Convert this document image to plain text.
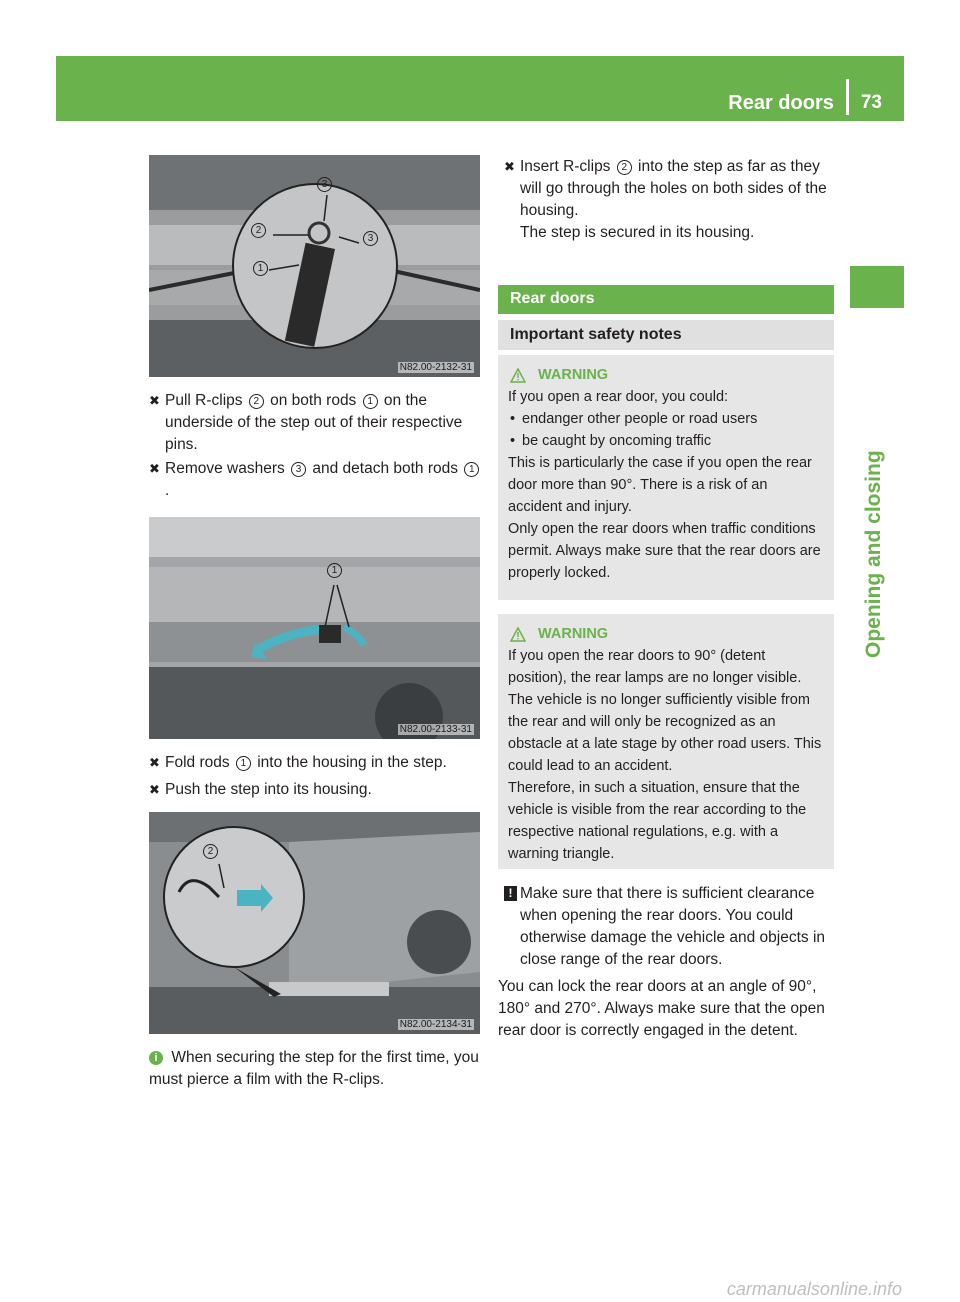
Rear doors 73
Opening and closing
3
2
3
1
N82.00-2132-31
✖ Pull R-clips 2 on both rods 1 on the underside of the step out of their respective pins.
✖ Remove washers 3 and detach both rods 1.
1
N82.00-2133-31
✖ Fold rods 1 into the housing in the step.
✖ Push the step into its housing.
2
N82.00-2134-31
i When securing the step for the first time, you must pierce a film with the R-clips.
✖ Insert R-clips 2 into the step as far as they will go through the holes on both sides of the housing.
The step is secured in its housing.
Rear doors
Important safety notes
WARNING

If you open a rear door, you could:

• endanger other people or road users

• be caught by oncoming traffic

This is particularly the case if you open the rear door more than 90°. There is a risk of an accident and injury.

Only open the rear doors when traffic conditions permit. Always make sure that the rear doors are properly locked.

WARNING

If you open the rear doors to 90° (detent position), the rear lamps are no longer visible.

The vehicle is no longer sufficiently visible from the rear and will only be recognized as an obstacle at a late stage by other road users. This could lead to an accident.

Therefore, in such a situation, ensure that the vehicle is visible from the rear according to the respective national regulations, e.g. with a warning triangle.

! Make sure that there is sufficient clearance when opening the rear doors. You could otherwise damage the vehicle and objects in close range of the rear doors.
You can lock the rear doors at an angle of 90°, 180° and 270°. Always make sure that the open rear door is correctly engaged in the detent.
carmanualsonline.info
